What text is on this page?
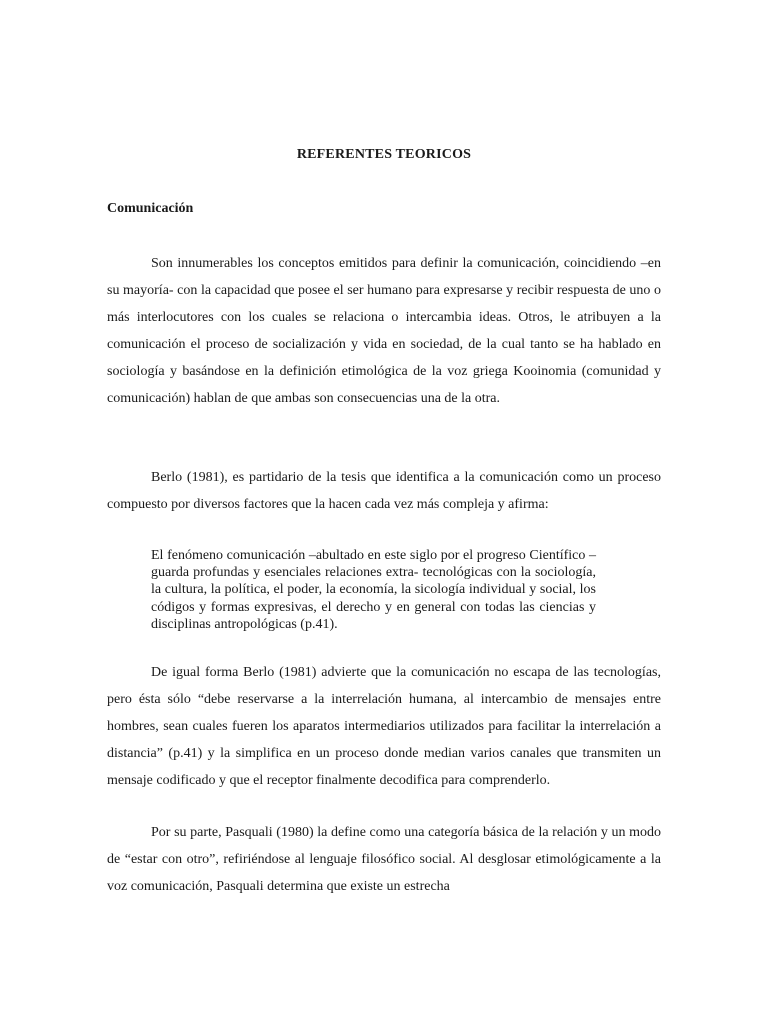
REFERENTES TEORICOS
Comunicación

Son innumerables los conceptos emitidos para definir la comunicación, coincidiendo –en su mayoría- con la capacidad que posee el ser humano para expresarse y recibir respuesta de uno o más interlocutores con los cuales se relaciona o intercambia ideas. Otros, le atribuyen a la comunicación el proceso de socialización y vida en sociedad, de la cual tanto se ha hablado en sociología y basándose en la definición etimológica de la voz griega Kooinomia (comunidad y comunicación) hablan de que ambas son consecuencias una de la otra.

Berlo (1981), es partidario de la tesis que identifica a la comunicación como un proceso compuesto por diversos factores que la hacen cada vez más compleja y afirma:

El fenómeno comunicación –abultado en este siglo por el progreso Científico –guarda profundas y esenciales relaciones extra- tecnológicas con la sociología, la cultura, la política, el poder, la economía, la sicología individual y social, los códigos y formas expresivas, el derecho y en general con todas las ciencias y disciplinas antropológicas (p.41).

De igual forma Berlo (1981) advierte que la comunicación no escapa de las tecnologías, pero ésta sólo “debe reservarse a la interrelación humana, al intercambio de mensajes entre hombres, sean cuales fueren los aparatos intermediarios utilizados para facilitar la interrelación a distancia” (p.41) y la simplifica en un proceso donde median varios canales que transmiten un mensaje codificado y que el receptor finalmente decodifica para comprenderlo.

Por su parte, Pasquali (1980) la define como una categoría básica de la relación y un modo de “estar con otro”, refiriéndose al lenguaje filosófico social. Al desglosar etimológicamente a la voz comunicación, Pasquali determina que existe un estrecha
